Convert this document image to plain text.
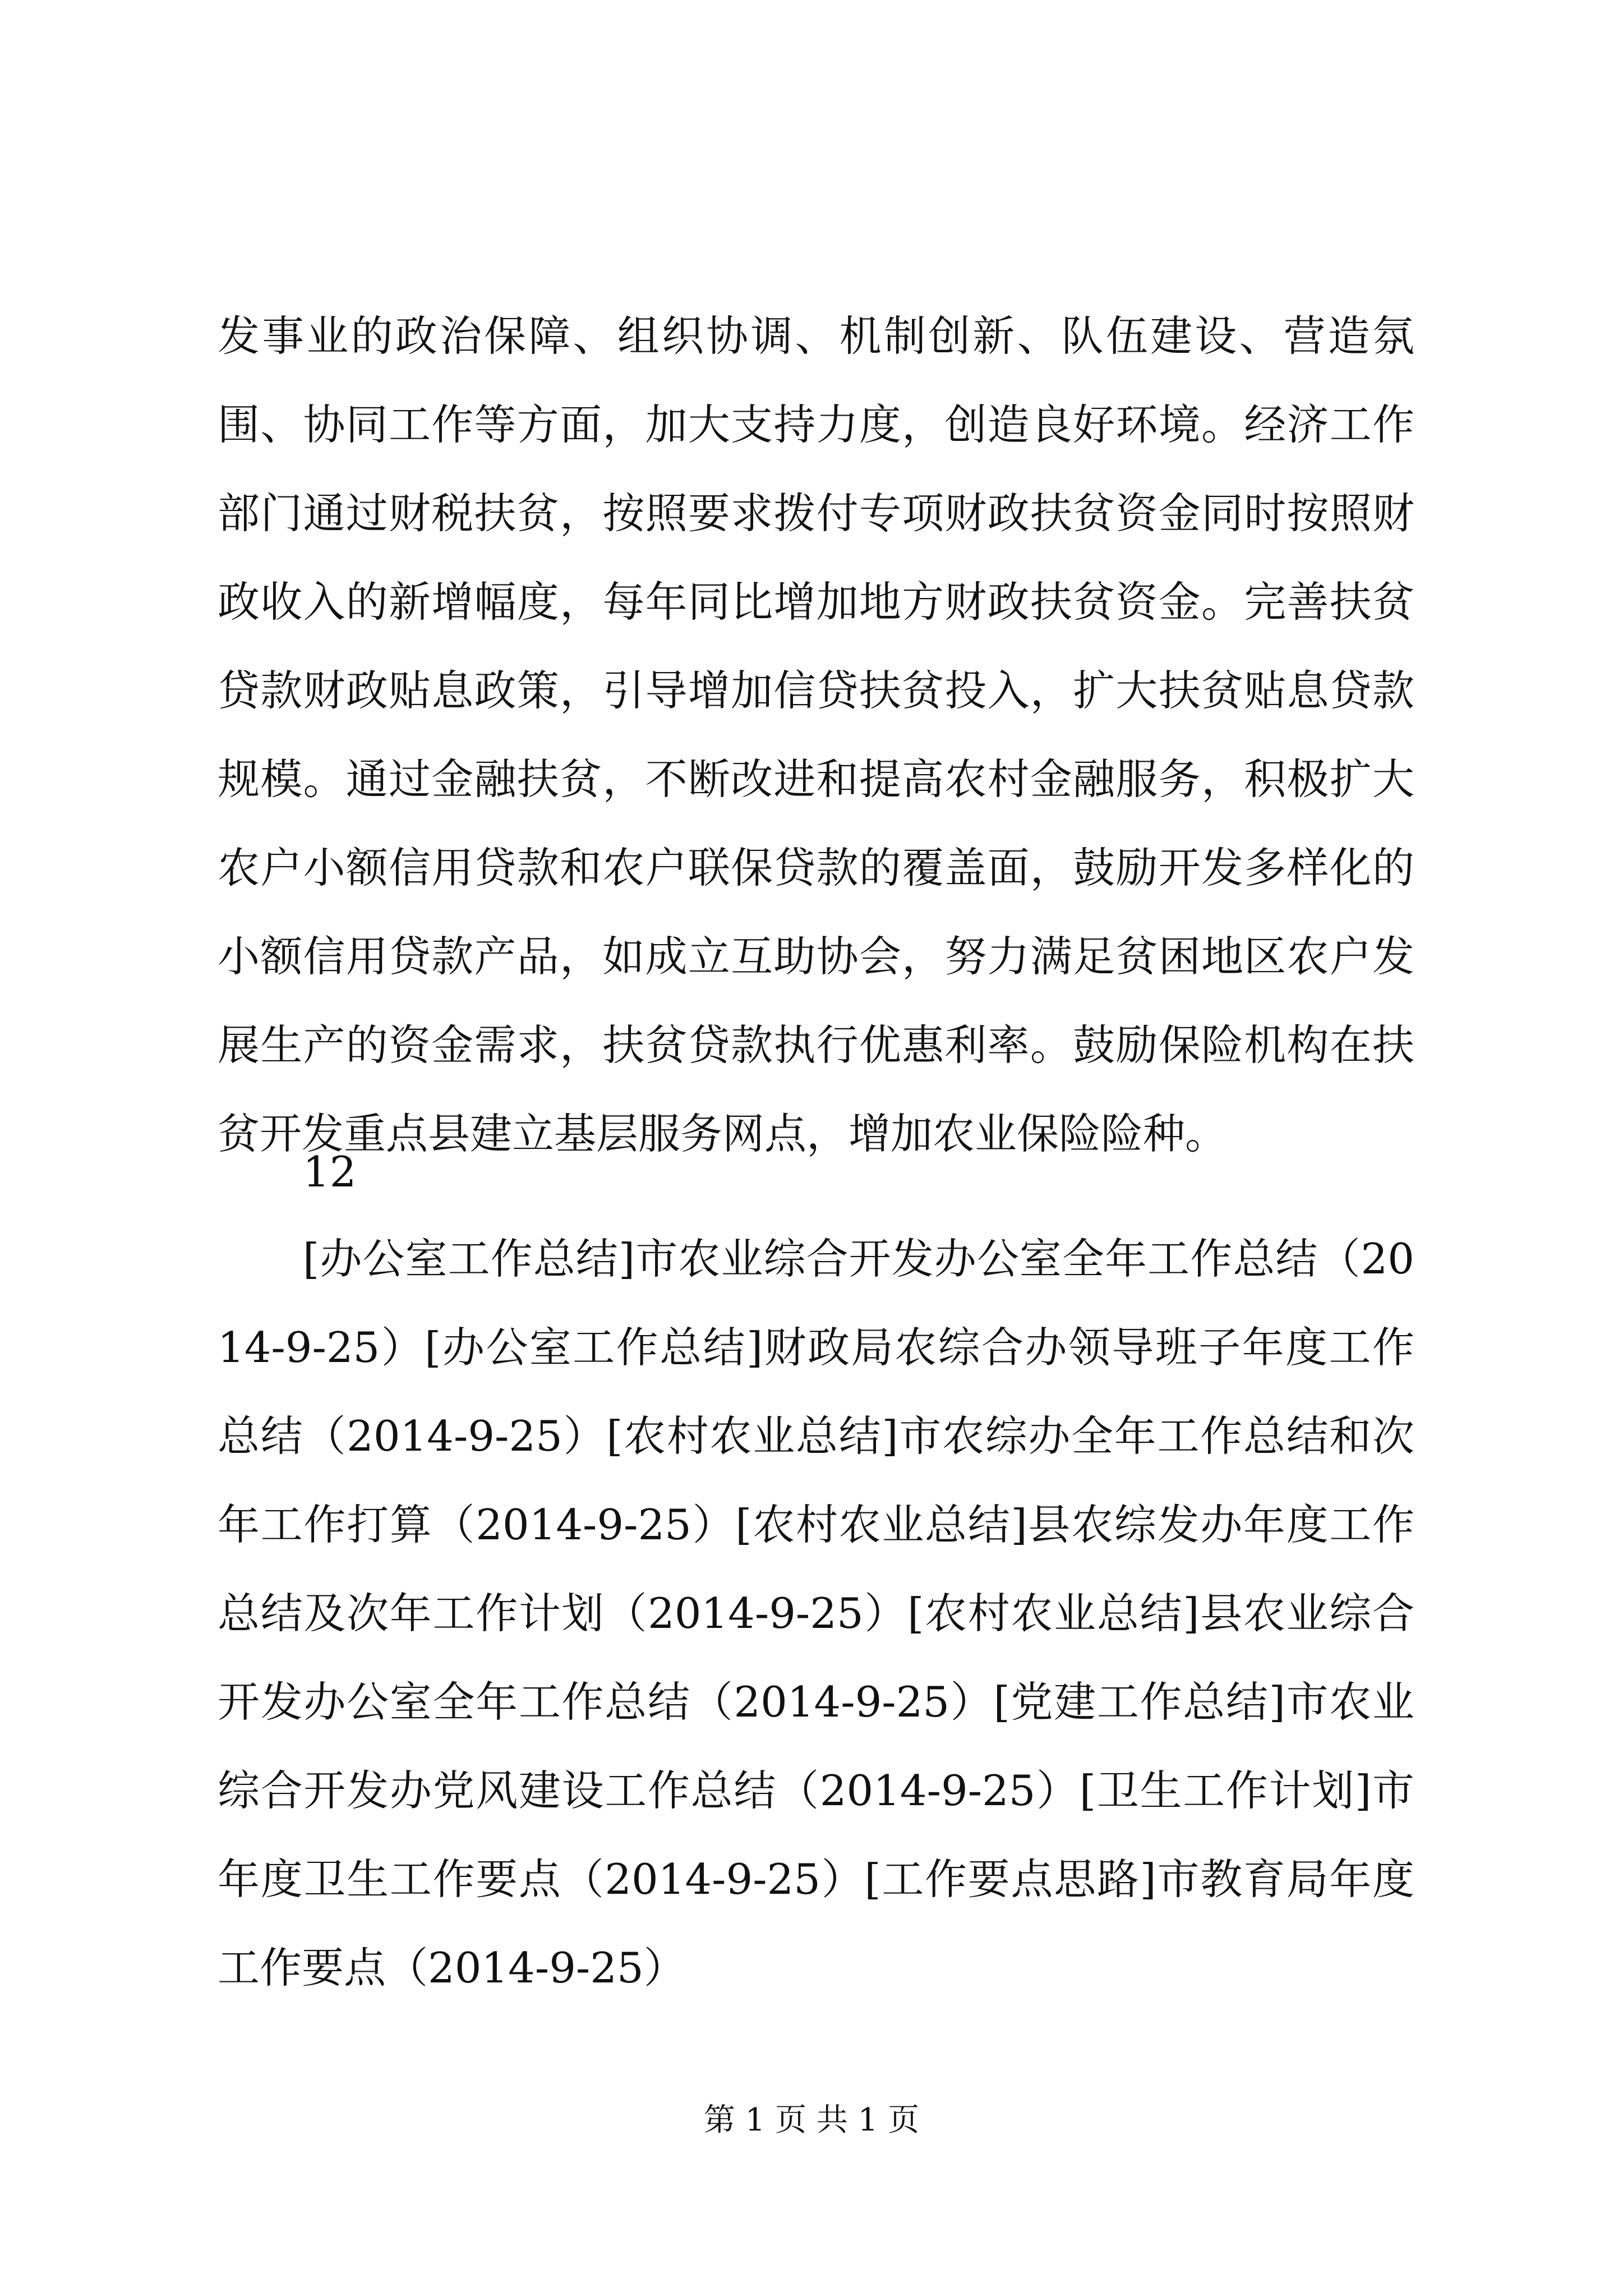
发事业的政治保障、组织协调、机制创新、队伍建设、营造氛围、协同工作等方面，加大支持力度，创造良好环境。经济工作部门通过财税扶贫，按照要求拨付专项财政扶贫资金同时按照财政收入的新增幅度，每年同比增加地方财政扶贫资金。完善扶贫贷款财政贴息政策，引导增加信贷扶贫投入，扩大扶贫贴息贷款规模。通过金融扶贫，不断改进和提高农村金融服务，积极扩大农户小额信用贷款和农户联保贷款的覆盖面，鼓励开发多样化的小额信用贷款产品，如成立互助协会，努力满足贫困地区农户发展生产的资金需求，扶贫贷款执行优惠利率。鼓励保险机构在扶贫开发重点县建立基层服务网点，增加农业保险险种。

12

[办公室工作总结]市农业综合开发办公室全年工作总结（2014-9-25）[办公室工作总结]财政局农综合办领导班子年度工作总结（2014-9-25）[农村农业总结]市农综办全年工作总结和次年工作打算（2014-9-25）[农村农业总结]县农综发办年度工作总结及次年工作计划（2014-9-25）[农村农业总结]县农业综合开发办公室全年工作总结（2014-9-25）[党建工作总结]市农业综合开发办党风建设工作总结（2014-9-25）[卫生工作计划]市年度卫生工作要点（2014-9-25）[工作要点思路]市教育局年度工作要点（2014-9-25）

第 1 页 共 1 页
